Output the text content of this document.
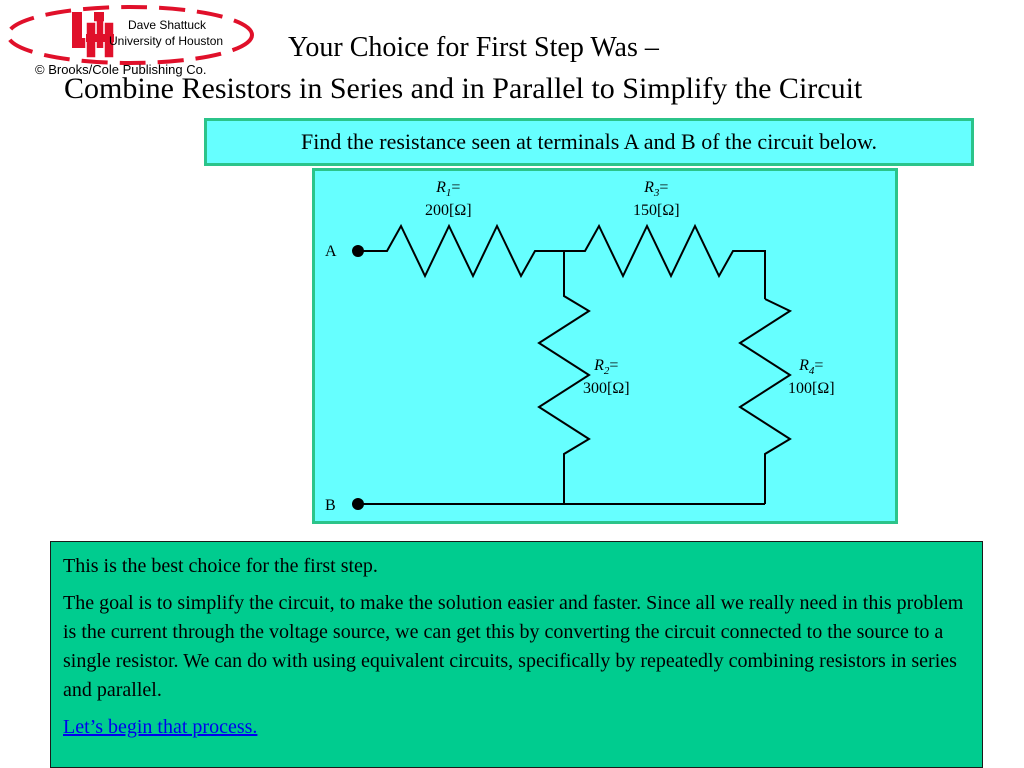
UH
Dave Shattuck
University of Houston
© Brooks/Cole Publishing Co.
Your Choice for First Step Was –
Combine Resistors in Series and in Parallel to Simplify the Circuit
Find the resistance seen at terminals A and B of the circuit below.
A
B
$R_1=$
200[Ω]
$R_3=$
150[Ω]
$R_2=$
300[Ω]
$R_4=$
100[Ω]

This is the best choice for the first step.

The goal is to simplify the circuit, to make the solution easier and faster. Since all we really need in this problem is the current through the voltage source, we can get this by converting the circuit connected to the source to a single resistor. We can do with using equivalent circuits, specifically by repeatedly combining resistors in series and parallel.

Let’s begin that process.
